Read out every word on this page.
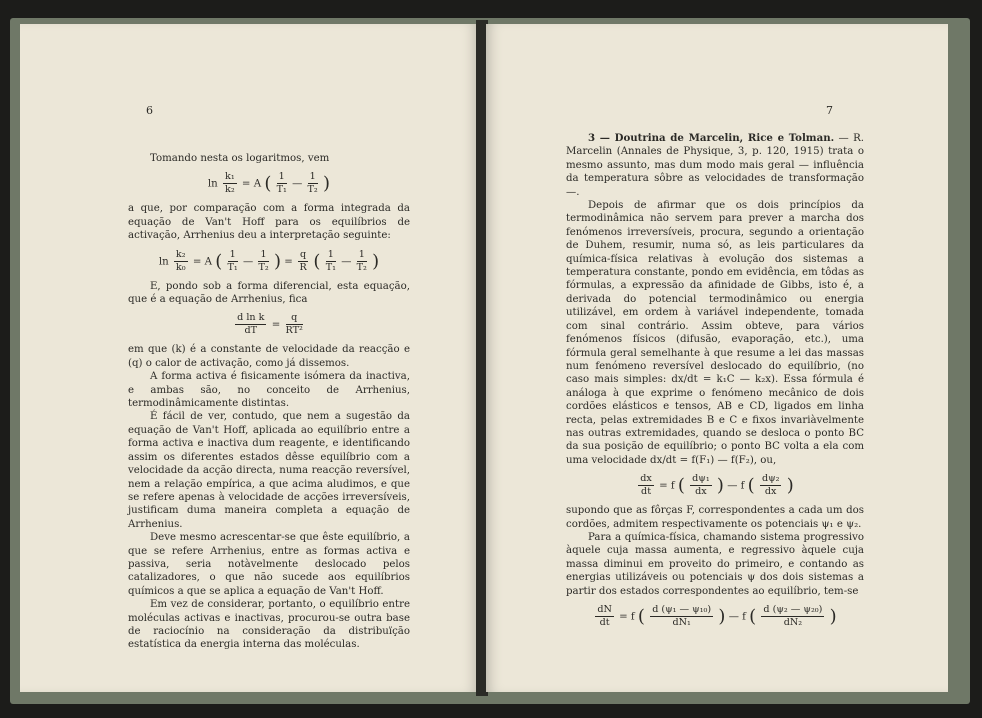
6

Tomando nesta os logaritmos, vem

$\ln \frac{\text{k₁}}{\text{k₂}} = A$ ( $\frac{1}{\text{T₁}}$ — $\frac{1}{\text{T₂}}$ )

a que, por comparação com a forma integrada da equação de Van't Hoff para os equilíbrios de activação, Arrhenius deu a interpretação seguinte:

$\ln \frac{\text{k₂}}{\text{k₀}} = A$ ( $\frac{1}{\text{T₁}}$ — $\frac{1}{\text{T₂}}$ ) = $\frac{q}{R}$ ( $\frac{1}{\text{T₁}}$ — $\frac{1}{\text{T₂}}$ )

E, pondo sob a forma diferencial, esta equação, que é a equação de Arrhenius, fica

$\frac{\text{d ln k}}{dT} = \frac{q}{\text{RT²}}$

em que (k) é a constante de velocidade da reacção e (q) o calor de activação, como já dissemos.

A forma activa é fisicamente isómera da inactiva, e ambas são, no conceito de Arrhenius, termodinâmicamente distintas.

É fácil de ver, contudo, que nem a sugestão da equação de Van't Hoff, aplicada ao equilíbrio entre a forma activa e inactiva dum reagente, e identificando assim os diferentes estados dêsse equilíbrio com a velocidade da acção directa, numa reacção reversível, nem a relação empírica, a que acima aludimos, e que se refere apenas à velocidade de acções irreversíveis, justificam duma maneira completa a equação de Arrhenius.

Deve mesmo acrescentar-se que êste equilíbrio, a que se refere Arrhenius, entre as formas activa e passiva, seria notàvelmente deslocado pelos catalizadores, o que não sucede aos equilíbrios químicos a que se aplica a equação de Van't Hoff.

Em vez de considerar, portanto, o equilíbrio entre moléculas activas e inactivas, procurou-se outra base de raciocínio na consideração da distribuïção estatística da energia interna das moléculas.

7

3 — Doutrina de Marcelin, Rice e Tolman. — R. Marcelin (Annales de Physique, 3, p. 120, 1915) trata o mesmo assunto, mas dum modo mais geral — influência da temperatura sôbre as velocidades de transformação —.

Depois de afirmar que os dois princípios da termodinâmica não servem para prever a marcha dos fenómenos irreversíveis, procura, segundo a orientação de Duhem, resumir, numa só, as leis particulares da química-física relativas à evolução dos sistemas a temperatura constante, pondo em evidência, em tôdas as fórmulas, a expressão da afinidade de Gibbs, isto é, a derivada do potencial termodinâmico ou energia utilizável, em ordem à variável independente, tomada com sinal contrário. Assim obteve, para vários fenómenos físicos (difusão, evaporação, etc.), uma fórmula geral semelhante à que resume a lei das massas num fenómeno reversível deslocado do equilíbrio, (no caso mais simples: dx/dt = k₁C — k₂x). Essa fórmula é análoga à que exprime o fenómeno mecânico de dois cordões elásticos e tensos, AB e CD, ligados em linha recta, pelas extremidades B e C e fixos invariàvelmente nas outras extremidades, quando se desloca o ponto BC da sua posição de equilíbrio; o ponto BC volta a ela com uma velocidade dx/dt = f(F₁) — f(F₂), ou,

$\frac{dx}{dt} = f$ ( $\frac{\text{dψ₁}}{dx}$ ) — f ( $\frac{\text{dψ₂}}{dx}$ )

supondo que as fôrças F, correspondentes a cada um dos cordões, admitem respectivamente os potenciais ψ₁ e ψ₂.

Para a química-física, chamando sistema progressivo àquele cuja massa aumenta, e regressivo àquele cuja massa diminui em proveito do primeiro, e contando as energias utilizáveis ou potenciais ψ dos dois sistemas a partir dos estados correspondentes ao equilíbrio, tem-se

$\frac{dN}{dt} = f$ ( $\frac{\text{d (ψ₁ — ψ₁₀)}}{\text{dN₁}}$ ) — f ( $\frac{\text{d (ψ₂ — ψ₂₀)}}{\text{dN₂}}$ )
